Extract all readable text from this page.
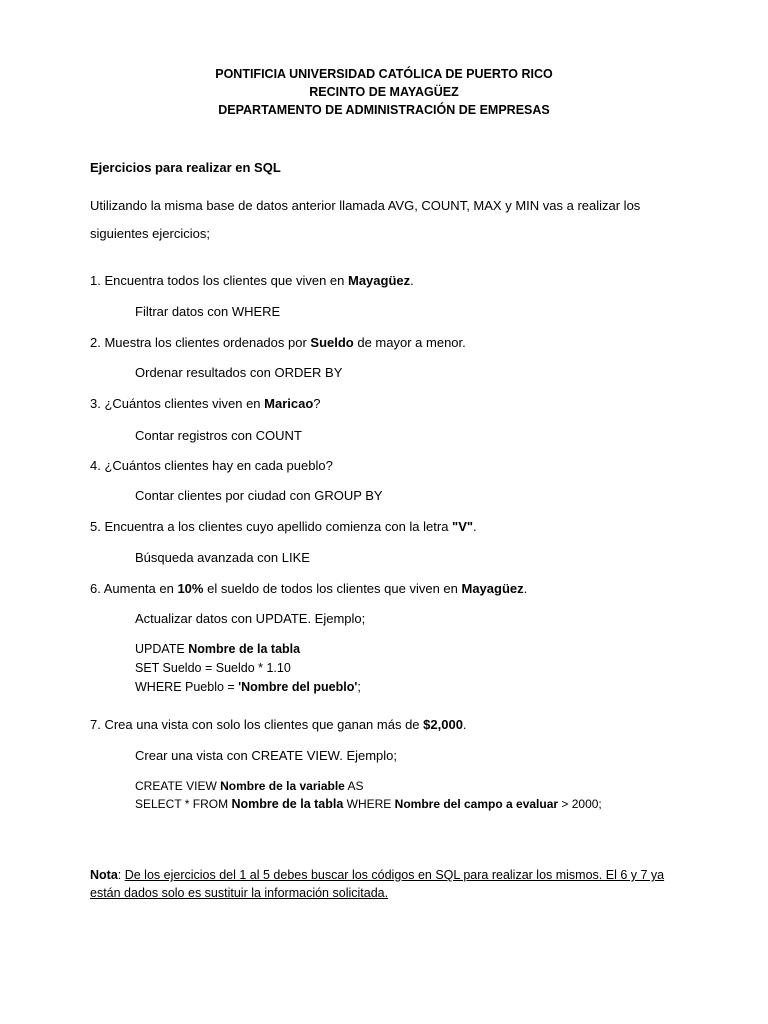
PONTIFICIA UNIVERSIDAD CATÓLICA DE PUERTO RICO
RECINTO DE MAYAGÜEZ
DEPARTAMENTO DE ADMINISTRACIÓN DE EMPRESAS
Ejercicios para realizar en SQL
Utilizando la misma base de datos anterior llamada AVG, COUNT, MAX y MIN vas a realizar los
siguientes ejercicios;
1. Encuentra todos los clientes que viven en Mayagüez.
Filtrar datos con WHERE
2. Muestra los clientes ordenados por Sueldo de mayor a menor.
Ordenar resultados con ORDER BY
3. ¿Cuántos clientes viven en Maricao?
Contar registros con COUNT
4. ¿Cuántos clientes hay en cada pueblo?
Contar clientes por ciudad con GROUP BY
5. Encuentra a los clientes cuyo apellido comienza con la letra "V".
Búsqueda avanzada con LIKE
6. Aumenta en 10% el sueldo de todos los clientes que viven en Mayagüez.
Actualizar datos con UPDATE. Ejemplo;
UPDATE Nombre de la tabla
SET Sueldo = Sueldo * 1.10
WHERE Pueblo = 'Nombre del pueblo';
7. Crea una vista con solo los clientes que ganan más de $2,000.
Crear una vista con CREATE VIEW. Ejemplo;
CREATE VIEW Nombre de la variable AS
SELECT * FROM Nombre de la tabla WHERE Nombre del campo a evaluar > 2000;
Nota: De los ejercicios del 1 al 5 debes buscar los códigos en SQL para realizar los mismos. El 6 y 7 ya están dados solo es sustituir la información solicitada.
